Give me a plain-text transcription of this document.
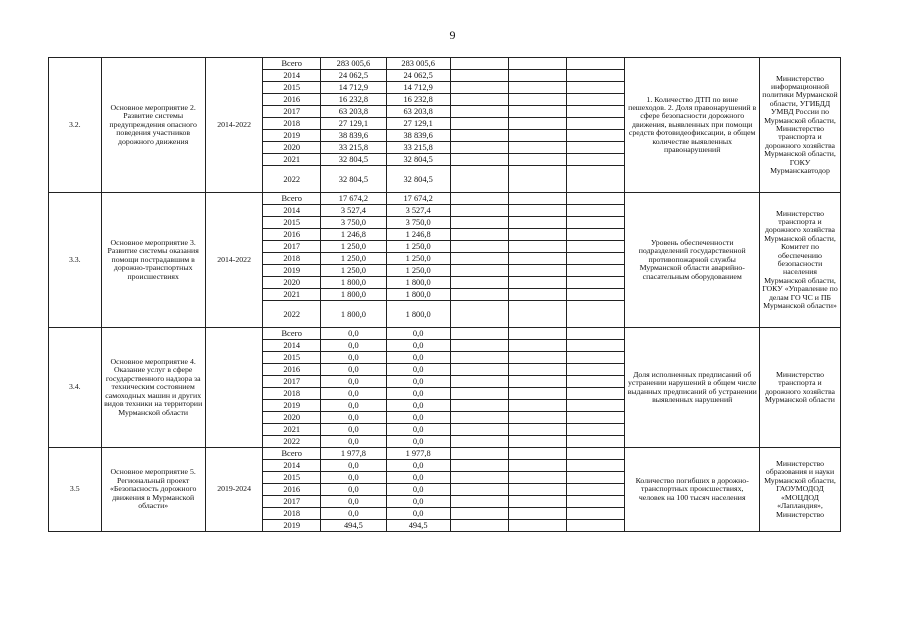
9
3.2.	Основное мероприятие 2. Развитие системы предупреждения опасного поведения участников дорожного движения	2014-2022	Всего	283 005,6	283 005,6				1. Количество ДТП по вине пешеходов. 2. Доля правонарушений в сфере безопасности дорожного движения, выявленных при помощи средств фотовидеофиксации, в общем количестве выявленных правонарушений	Министерство информационной политики Мурманской области, УГИБДД УМВД России по Мурманской области, Министерство транспорта и дорожного хозяйства Мурманской области, ГОКУ Мурманскавтодор
			2014	24 062,5	24 062,5					
			2015	14 712,9	14 712,9					
			2016	16 232,8	16 232,8					
			2017	63 203,8	63 203,8					
			2018	27 129,1	27 129,1					
			2019	38 839,6	38 839,6					
			2020	33 215,8	33 215,8					
			2021	32 804,5	32 804,5					
			2022	32 804,5	32 804,5					
3.3.	Основное мероприятие 3. Развитие системы оказания помощи пострадавшим в дорожно-транспортных происшествиях	2014-2022	Всего	17 674,2	17 674,2				Уровень обеспеченности подразделений государственной противопожарной службы Мурманской области аварийно-спасательным оборудованием	Министерство транспорта и дорожного хозяйства Мурманской области, Комитет по обеспечению безопасности населения Мурманской области, ГОКУ «Управление по делам ГО ЧС и ПБ Мурманской области»
			2014	3 527,4	3 527,4					
			2015	3 750,0	3 750,0					
			2016	1 246,8	1 246,8					
			2017	1 250,0	1 250,0					
			2018	1 250,0	1 250,0					
			2019	1 250,0	1 250,0					
			2020	1 800,0	1 800,0					
			2021	1 800,0	1 800,0					
			2022	1 800,0	1 800,0					
3.4.	Основное мероприятие 4. Оказание услуг в сфере государственного надзора за техническим состоянием самоходных машин и других видов техники на территории Мурманской области		Всего	0,0	0,0				Доля исполненных предписаний об устранении нарушений в общем числе выданных предписаний об устранении выявленных нарушений	Министерство транспорта и дорожного хозяйства Мурманской области
			2014	0,0	0,0					
			2015	0,0	0,0					
			2016	0,0	0,0					
			2017	0,0	0,0					
			2018	0,0	0,0					
			2019	0,0	0,0					
			2020	0,0	0,0					
			2021	0,0	0,0					
			2022	0,0	0,0					
3.5	Основное мероприятие 5. Региональный проект «Безопасность дорожного движения в Мурманской области»	2019-2024	Всего	1 977,8	1 977,8				Количество погибших в дорожно-транспортных происшествиях, человек на 100 тысяч населения	Министерство образования и науки Мурманской области, ГАОУМОДОД «МОЦДОД «Лапландия», Министерство
			2014	0,0	0,0					
			2015	0,0	0,0					
			2016	0,0	0,0					
			2017	0,0	0,0					
			2018	0,0	0,0					
			2019	494,5	494,5					
